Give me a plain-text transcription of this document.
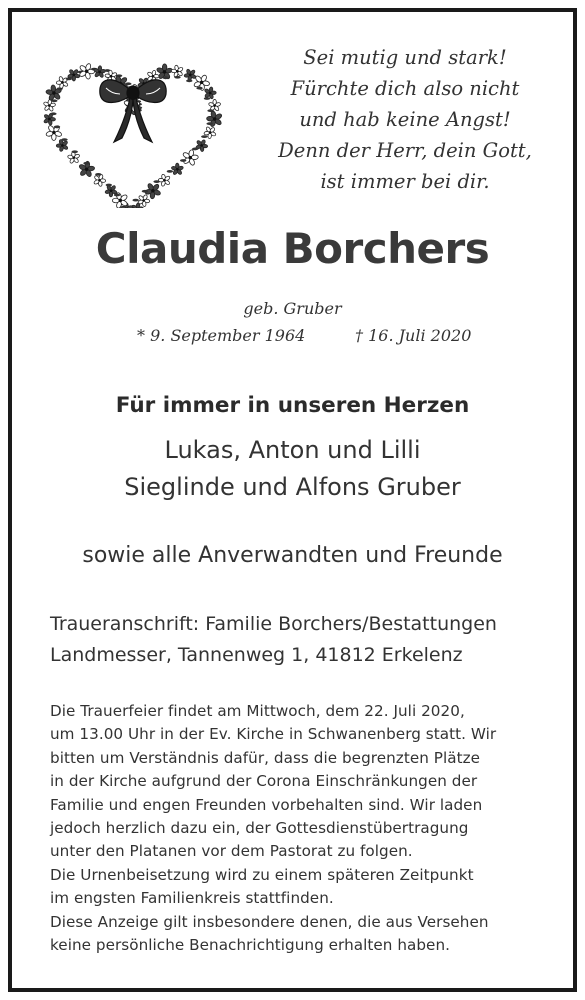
Sei mutig und stark!
Fürchte dich also nicht
und hab keine Angst!
Denn der Herr, dein Gott,
ist immer bei dir.
Claudia Borchers
geb. Gruber
* 9. September 1964	† 16. Juli 2020
Für immer in unseren Herzen
Lukas, Anton und Lilli
Sieglinde und Alfons Gruber
sowie alle Anverwandten und Freunde
Traueranschrift: Familie Borchers/Bestattungen
Landmesser, Tannenweg 1, 41812 Erkelenz
Die Trauerfeier findet am Mittwoch, dem 22. Juli 2020,
um 13.00 Uhr in der Ev. Kirche in Schwanenberg statt. Wir
bitten um Verständnis dafür, dass die begrenzten Plätze
in der Kirche aufgrund der Corona Einschränkungen der
Familie und engen Freunden vorbehalten sind. Wir laden
jedoch herzlich dazu ein, der Gottesdienstübertragung
unter den Platanen vor dem Pastorat zu folgen.
Die Urnenbeisetzung wird zu einem späteren Zeitpunkt
im engsten Familienkreis stattfinden.
Diese Anzeige gilt insbesondere denen, die aus Versehen
keine persönliche Benachrichtigung erhalten haben.
